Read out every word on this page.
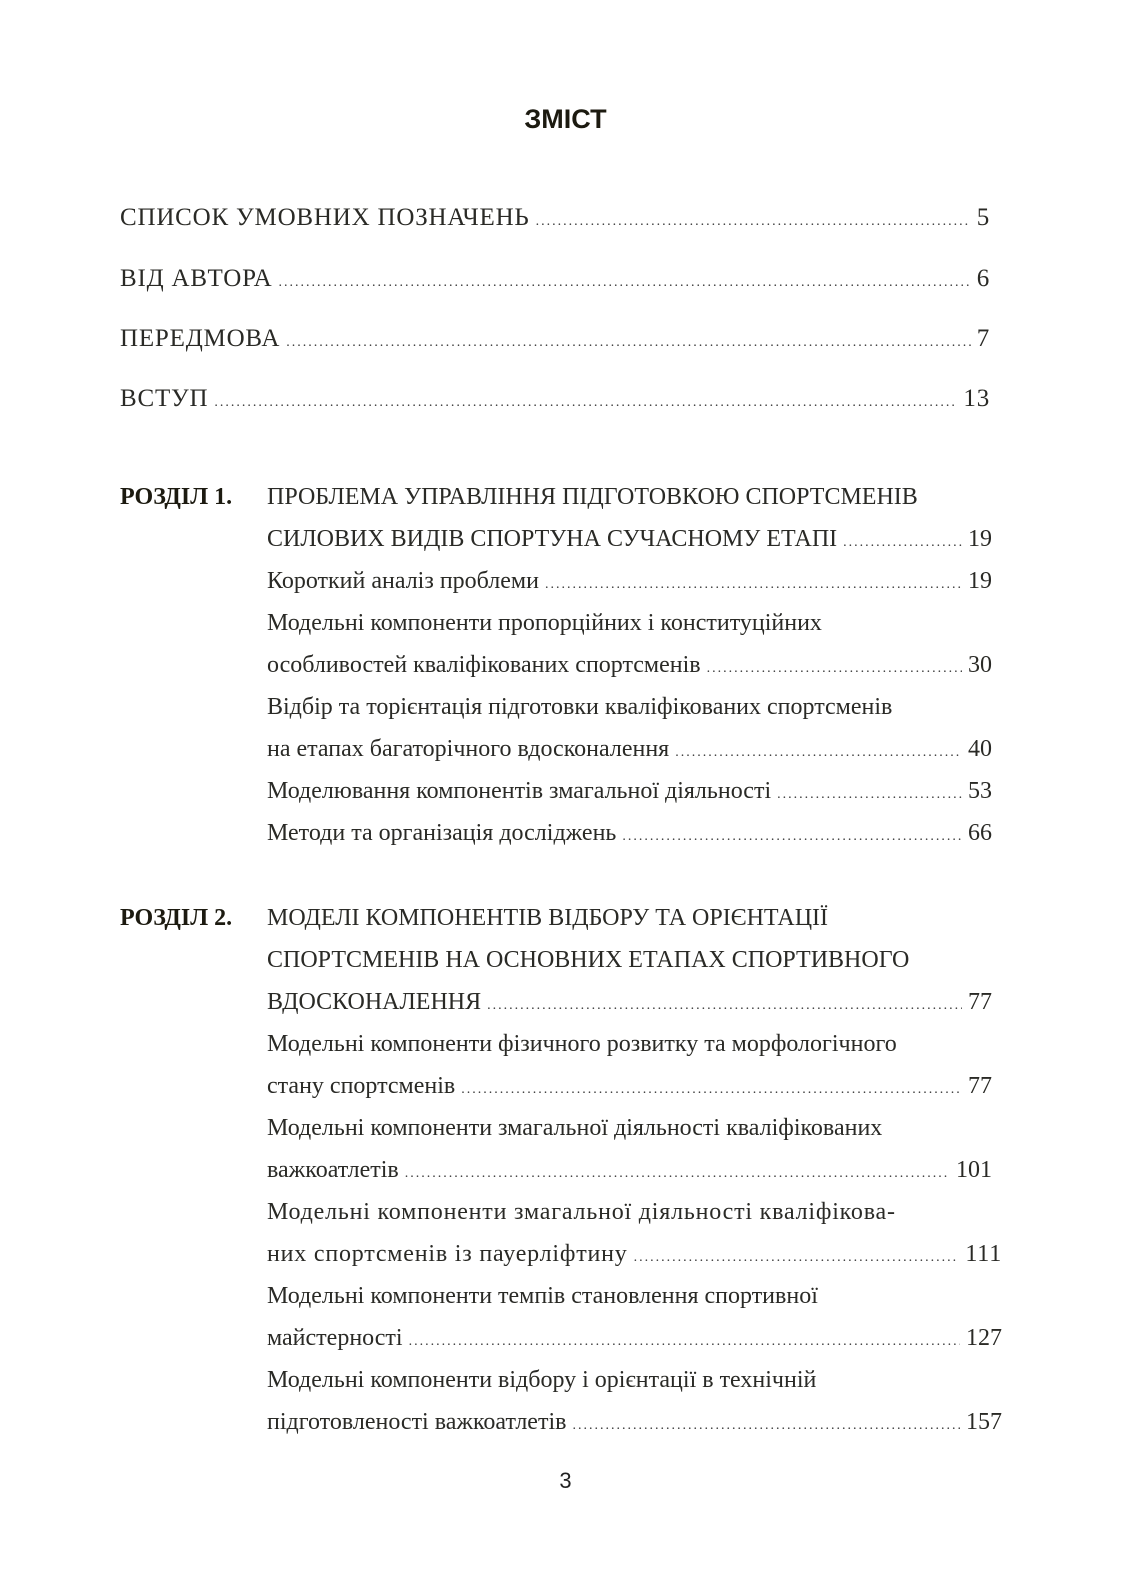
ЗМІСТ
СПИСОК УМОВНИХ ПОЗНАЧЕНЬ .....	5
ВІД АВТОРА .....	6
ПЕРЕДМОВА .....	7
ВСТУП .....	13
РОЗДІЛ 1. ПРОБЛЕМА УПРАВЛІННЯ ПІДГОТОВКОЮ СПОРТСМЕНІВ
СИЛОВИХ ВИДІВ СПОРТУНА СУЧАСНОМУ ЕТАПІ .....	19
Короткий аналіз проблеми .....	19
Модельні компоненти пропорційних і конституційних
особливостей кваліфікованих спортсменів .....	30
Відбір та торієнтація підготовки кваліфікованих спортсменів
на етапах багаторічного вдосконалення .....	40
Моделювання компонентів змагальної діяльності .....	53
Методи та організація досліджень .....	66
РОЗДІЛ 2. МОДЕЛІ КОМПОНЕНТІВ ВІДБОРУ ТА ОРІЄНТАЦІЇ
СПОРТСМЕНІВ НА ОСНОВНИХ ЕТАПАХ СПОРТИВНОГО
ВДОСКОНАЛЕННЯ .....	77
Модельні компоненти фізичного розвитку та морфологічного
стану спортсменів .....	77
Модельні компоненти змагальної діяльності кваліфікованих
важкоатлетів .....	101
Модельні компоненти змагальної діяльності кваліфікова-
них спортсменів із пауерліфтину .....	111
Модельні компоненти темпів становлення спортивної
майстерності .....	127
Модельні компоненти відбору і орієнтації в технічній
підготовленості важкоатлетів .....	157
3
